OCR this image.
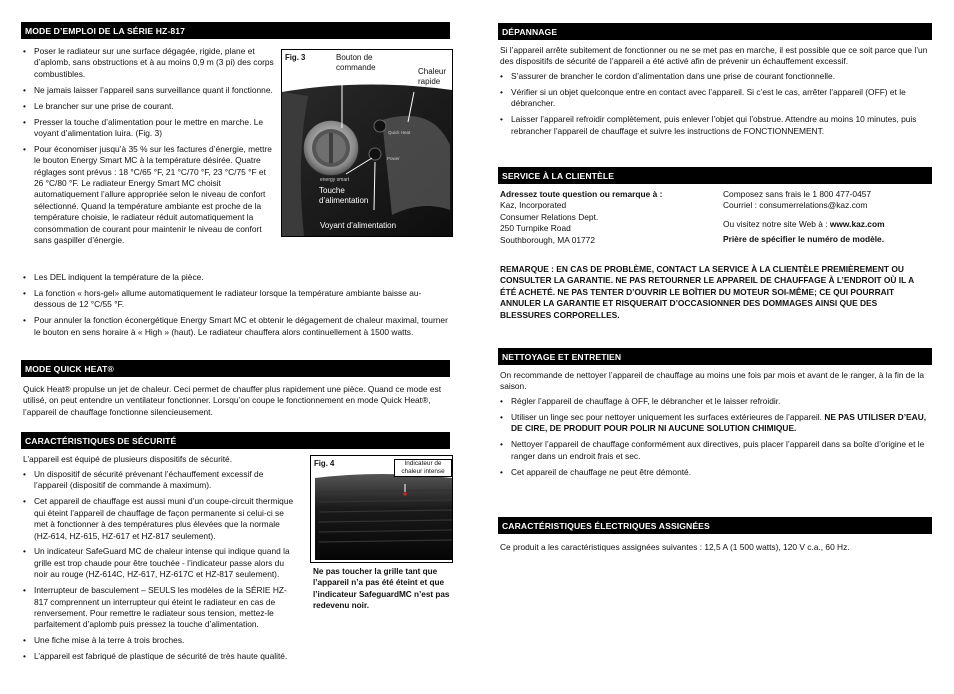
MODE D’EMPLOI DE LA SÉRIE HZ-817
• Poser le radiateur sur une surface dégagée, rigide, plane et d’aplomb, sans obstructions et à au moins 0,9 m (3 pi) des corps combustibles.
• Ne jamais laisser l’appareil sans surveillance quant il fonctionne.
• Le brancher sur une prise de courant.
• Presser la touche d’alimentation pour le mettre en marche. Le voyant d’alimentation luira. (Fig. 3)
• Pour économiser jusqu’à 35 % sur les factures d’énergie, mettre le bouton Energy Smart MC à la température désirée. Quatre réglages sont prévus : 18 °C/65 °F, 21 °C/70 °F, 23 °C/75 °F et 26 °C/80 °F. Le radiateur Energy Smart MC choisit automatiquement l’allure appropriée selon le niveau de confort sélectionné. Quand la température ambiante est proche de la température choisie, le radiateur réduit automatiquement la consommation de courant pour maintenir le niveau de confort sans gaspiller d’énergie.
energy smart
Quick Heat
Power
Fig. 3	Bouton de commande	Chaleur rapide
Touche d’alimentation
Voyant d’alimentation
• Les DEL indiquent la température de la pièce.
• La fonction « hors-gel» allume automatiquement le radiateur lorsque la température ambiante baisse au-dessous de 12 °C/55 °F.
• Pour annuler la fonction éconergétique Energy Smart MC et obtenir le dégagement de chaleur maximal, tourner le bouton en sens horaire à « High » (haut). Le radiateur chauffera alors continuellement à 1500 watts.
MODE QUICK HEAT®
Quick Heat® propulse un jet de chaleur. Ceci permet de chauffer plus rapidement une pièce. Quand ce mode est utilisé, on peut entendre un ventilateur fonctionner. Lorsqu’on coupe le fonctionnement en mode Quick Heat®, l’appareil de chauffage fonctionne silencieusement.
CARACTÉRISTIQUES DE SÉCURITÉ
L’appareil est équipé de plusieurs dispositifs de sécurité.
• Un dispositif de sécurité prévenant l’échauffement excessif de l’appareil (dispositif de commande à maximum).
• Cet appareil de chauffage est aussi muni d’un coupe-circuit thermique qui éteint l’appareil de chauffage de façon permanente si celui-ci se met à fonctionner à des températures plus élevées que la normale (HZ-614, HZ-615, HZ-617 et HZ-817 seulement).
• Un indicateur SafeGuard MC de chaleur intense qui indique quand la grille est trop chaude pour être touchée - l’indicateur passe alors du noir au rouge (HZ-614C, HZ-617, HZ-617C et HZ-817 seulement).
• Interrupteur de basculement – SEULS les modèles de la SÉRIE HZ-817 comprennent un interrupteur qui éteint le radiateur en cas de renversement. Pour remettre le radiateur sous tension, mettez-le parfaitement d’aplomb puis pressez la touche d’alimentation.
• Une fiche mise à la terre à trois broches.
• L’appareil est fabriqué de plastique de sécurité de très haute qualité.
Fig. 4	Indicateur de chaleur intense
Ne pas toucher la grille tant que l’appareil n’a pas été éteint et que l’indicateur SafeguardMC n’est pas redevenu noir.
DÉPANNAGE
Si l’appareil arrête subitement de fonctionner ou ne se met pas en marche, il est possible que ce soit parce que l’un des dispositifs de sécurité de l’appareil a été activé afin de prévenir un échauffement excessif.
• S’assurer de brancher le cordon d’alimentation dans une prise de courant fonctionnelle.
• Vérifier si un objet quelconque entre en contact avec l’appareil. Si c’est le cas, arrêter l’appareil (OFF) et le débrancher.
• Laisser l’appareil refroidir complètement, puis enlever l’objet qui l’obstrue. Attendre au moins 10 minutes, puis rebrancher l’appareil de chauffage et suivre les instructions de FONCTIONNEMENT.
SERVICE À LA CLIENTÈLE

Adressez toute question ou remarque à :

Kaz, Incorporated

Consumer Relations Dept.

250 Turnpike Road

Southborough, MA 01772

Composez sans frais le 1 800 477-0457

Courriel : consumerrelations@kaz.com

Ou visitez notre site Web à : www.kaz.com

Prière de spécifier le numéro de modèle.

REMARQUE : EN CAS DE PROBLÈME, CONTACT LA SERVICE À LA CLIENTÈLE PREMIÈREMENT OU CONSULTER LA GARANTIE. NE PAS RETOURNER LE APPAREIL DE CHAUFFAGE À L’ENDROIT OÙ IL A ÉTÉ ACHETÉ. NE PAS TENTER D’OUVRIR LE BOÎTIER DU MOTEUR SOI-MÊME; CE QUI POURRAIT ANNULER LA GARANTIE ET RISQUERAIT D’OCCASIONNER DES DOMMAGES AINSI QUE DES BLESSURES CORPORELLES.
NETTOYAGE ET ENTRETIEN
On recommande de nettoyer l’appareil de chauffage au moins une fois par mois et avant de le ranger, à la fin de la saison.
• Régler l’appareil de chauffage à OFF, le débrancher et le laisser refroidir.
• Utiliser un linge sec pour nettoyer uniquement les surfaces extérieures de l’appareil. NE PAS UTILISER D’EAU, DE CIRE, DE PRODUIT POUR POLIR NI AUCUNE SOLUTION CHIMIQUE.
• Nettoyer l’appareil de chauffage conformément aux directives, puis placer l’appareil dans sa boîte d’origine et le ranger dans un endroit frais et sec.
• Cet appareil de chauffage ne peut être démonté.
CARACTÉRISTIQUES ÉLECTRIQUES ASSIGNÉES
Ce produit a les caractéristiques assignées suivantes : 12,5 A (1 500 watts), 120 V c.a., 60 Hz.
